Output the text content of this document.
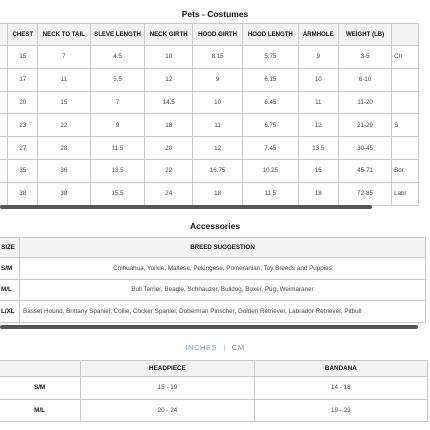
Pets - Costumes
	CHEST	NECK TO TAIL	SLEVE LENGTH	NECK GIRTH	HOOD GIRTH	HOOD LENGTH	ARMHOLE	WEIGHT (LB)	
	15	7	4.5	10	8.15	5.75	9	3-5	Ch
	17	11	5.5	12	9	6.15	10	6-10	
	20	15	7	14.5	10	6.45	11	11-20	
	23	22	9	18	11	6.75	12	21-29	S
	27	28	11.5	20	12	7.45	13.5	30-45	
	35	36	13.5	22	16.75	10.25	16	45-71	Bor
	38	38	15.5	24	18	11.5	18	72-85	Labr
Accessories
SIZE	BREED SUGGESTION
S/M	Chihuahua, Yorkie, Maltese, Pekingese, Pomeranian, Toy Breeds and Puppies
M/L	Bull Terrier, Beagle, Schnauzer, Bulldog, Boxer, Pug, Weimaraner
L/XL	Basset Hound, Brittany Spaniel, Collie, Cocker Spaniel, Doberman Pinscher, Golden Retriever, Labrador Retriever, Pitbull
INCHES | CM
	HEADPIECE	BANDANA
S/M	15 - 19	14 - 18
M/L	20 - 24	19 - 23
